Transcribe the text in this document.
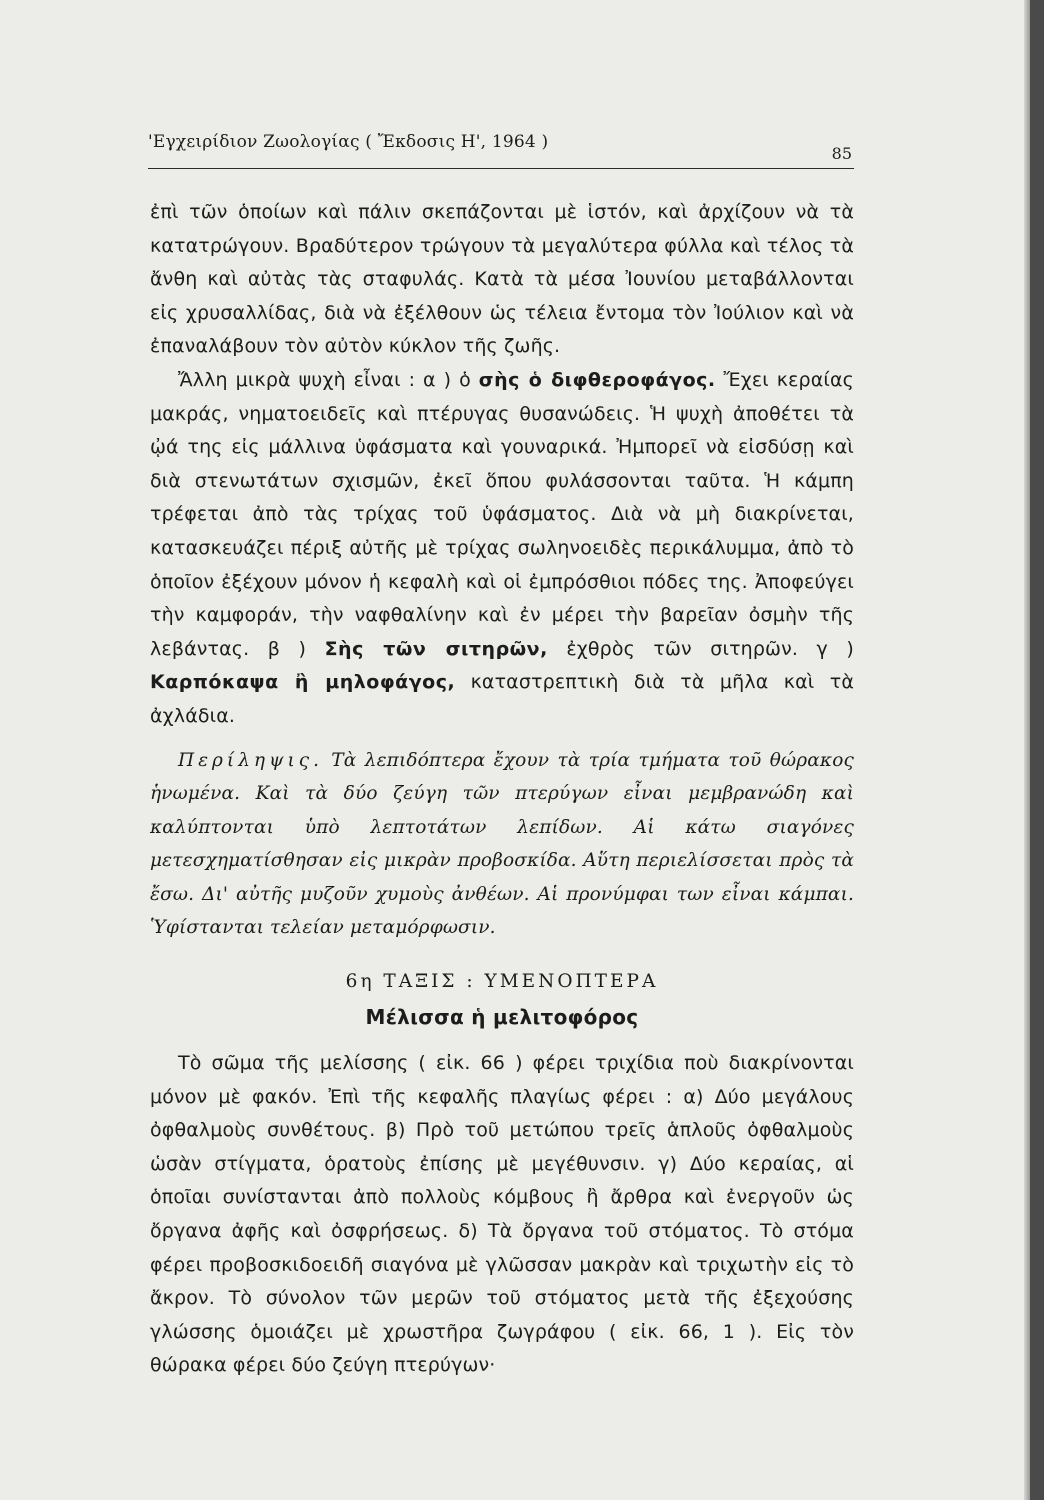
'Εγχειρίδιον Ζωολογίας ( Ἔκδοσις Η', 1964 )
85

ἐπὶ τῶν ὁποίων καὶ πάλιν σκεπάζονται μὲ ἱστόν, καὶ ἀρχίζουν νὰ τὰ κατατρώγουν. Βραδύτερον τρώγουν τὰ μεγαλύτερα φύλλα καὶ τέλος τὰ ἄνθη καὶ αὐτὰς τὰς σταφυλάς. Κατὰ τὰ μέσα Ἰουνίου μεταβάλλονται εἰς χρυσαλλίδας, διὰ νὰ ἐξέλθουν ὡς τέλεια ἔντομα τὸν Ἰούλιον καὶ νὰ ἐπαναλάβουν τὸν αὐτὸν κύκλον τῆς ζωῆς.

Ἄλλη μικρὰ ψυχὴ εἶναι : α ) ὁ σὴς ὁ διφθεροφάγος. Ἔχει κεραίας μακράς, νηματοειδεῖς καὶ πτέρυγας θυσανώδεις. Ἡ ψυχὴ ἀποθέτει τὰ ᾠά της εἰς μάλλινα ὑφάσματα καὶ γουναρικά. Ἠμπορεῖ νὰ εἰσδύσῃ καὶ διὰ στενωτάτων σχισμῶν, ἐκεῖ ὅπου φυλάσσονται ταῦτα. Ἡ κάμπη τρέφεται ἀπὸ τὰς τρίχας τοῦ ὑφάσματος. Διὰ νὰ μὴ διακρίνεται, κατασκευάζει πέριξ αὐτῆς μὲ τρίχας σωληνοειδὲς περικάλυμμα, ἀπὸ τὸ ὁποῖον ἐξέχουν μόνον ἡ κεφαλὴ καὶ οἱ ἐμπρόσθιοι πόδες της. Ἀποφεύγει τὴν καμφοράν, τὴν ναφθαλίνην καὶ ἐν μέρει τὴν βαρεῖαν ὀσμὴν τῆς λεβάντας. β ) Σὴς τῶν σιτηρῶν, ἐχθρὸς τῶν σιτηρῶν. γ ) Καρπόκαψα ἢ μηλοφάγος, καταστρεπτικὴ διὰ τὰ μῆλα καὶ τὰ ἀχλάδια.

Περίληψις. Τὰ λεπιδόπτερα ἔχουν τὰ τρία τμήματα τοῦ θώρακος ἡνωμένα. Καὶ τὰ δύο ζεύγη τῶν πτερύγων εἶναι μεμβρανώδη καὶ καλύπτονται ὑπὸ λεπτοτάτων λεπίδων. Αἱ κάτω σιαγόνες μετεσχηματίσθησαν εἰς μικρὰν προβοσκίδα. Αὕτη περιελίσσεται πρὸς τὰ ἔσω. Δι' αὐτῆς μυζοῦν χυμοὺς ἀνθέων. Αἱ προνύμφαι των εἶναι κάμπαι. Ὑφίστανται τελείαν μεταμόρφωσιν.

6η ΤΑΞΙΣ : ΥΜΕΝΟΠΤΕΡΑ
Μέλισσα ἡ μελιτοφόρος

Τὸ σῶμα τῆς μελίσσης ( εἰκ. 66 ) φέρει τριχίδια ποὺ διακρίνονται μόνον μὲ φακόν. Ἐπὶ τῆς κεφαλῆς πλαγίως φέρει : α) Δύο μεγάλους ὀφθαλμοὺς συνθέτους. β) Πρὸ τοῦ μετώπου τρεῖς ἁπλοῦς ὀφθαλμοὺς ὡσὰν στίγματα, ὁρατοὺς ἐπίσης μὲ μεγέθυνσιν. γ) Δύο κεραίας, αἱ ὁποῖαι συνίστανται ἀπὸ πολλοὺς κόμβους ἢ ἄρθρα καὶ ἐνεργοῦν ὡς ὄργανα ἀφῆς καὶ ὀσφρήσεως. δ) Τὰ ὄργανα τοῦ στόματος. Τὸ στόμα φέρει προβοσκιδοειδῆ σιαγόνα μὲ γλῶσσαν μακρὰν καὶ τριχωτὴν εἰς τὸ ἄκρον. Τὸ σύνολον τῶν μερῶν τοῦ στόματος μετὰ τῆς ἐξεχούσης γλώσσης ὁμοιάζει μὲ χρωστῆρα ζωγράφου ( εἰκ. 66, 1 ). Εἰς τὸν θώρακα φέρει δύο ζεύγη πτερύγων·
